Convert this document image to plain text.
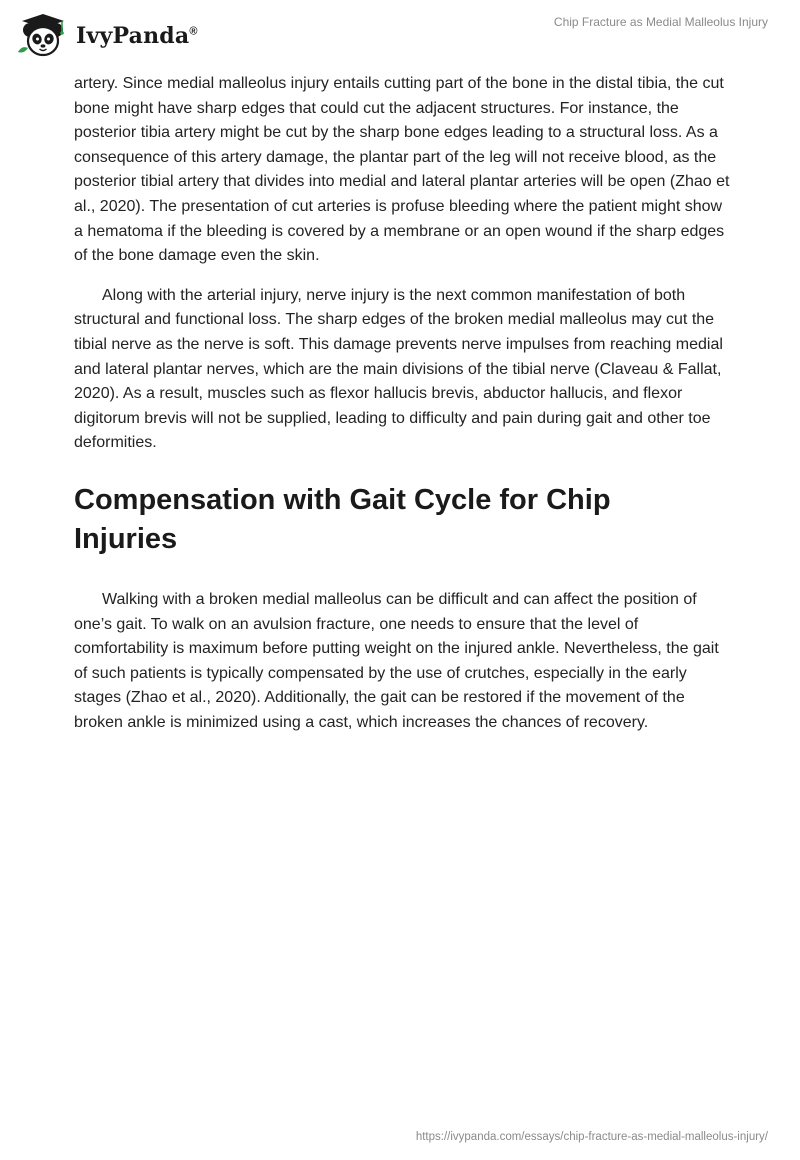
IvyPanda®
Chip Fracture as Medial Malleolus Injury

artery. Since medial malleolus injury entails cutting part of the bone in the distal tibia, the cut bone might have sharp edges that could cut the adjacent structures. For instance, the posterior tibia artery might be cut by the sharp bone edges leading to a structural loss. As a consequence of this artery damage, the plantar part of the leg will not receive blood, as the posterior tibial artery that divides into medial and lateral plantar arteries will be open (Zhao et al., 2020). The presentation of cut arteries is profuse bleeding where the patient might show a hematoma if the bleeding is covered by a membrane or an open wound if the sharp edges of the bone damage even the skin.

Along with the arterial injury, nerve injury is the next common manifestation of both structural and functional loss. The sharp edges of the broken medial malleolus may cut the tibial nerve as the nerve is soft. This damage prevents nerve impulses from reaching medial and lateral plantar nerves, which are the main divisions of the tibial nerve (Claveau & Fallat, 2020). As a result, muscles such as flexor hallucis brevis, abductor hallucis, and flexor digitorum brevis will not be supplied, leading to difficulty and pain during gait and other toe deformities.

Compensation with Gait Cycle for Chip Injuries

Walking with a broken medial malleolus can be difficult and can affect the position of one’s gait. To walk on an avulsion fracture, one needs to ensure that the level of comfortability is maximum before putting weight on the injured ankle. Nevertheless, the gait of such patients is typically compensated by the use of crutches, especially in the early stages (Zhao et al., 2020). Additionally, the gait can be restored if the movement of the broken ankle is minimized using a cast, which increases the chances of recovery.

https://ivypanda.com/essays/chip-fracture-as-medial-malleolus-injury/
